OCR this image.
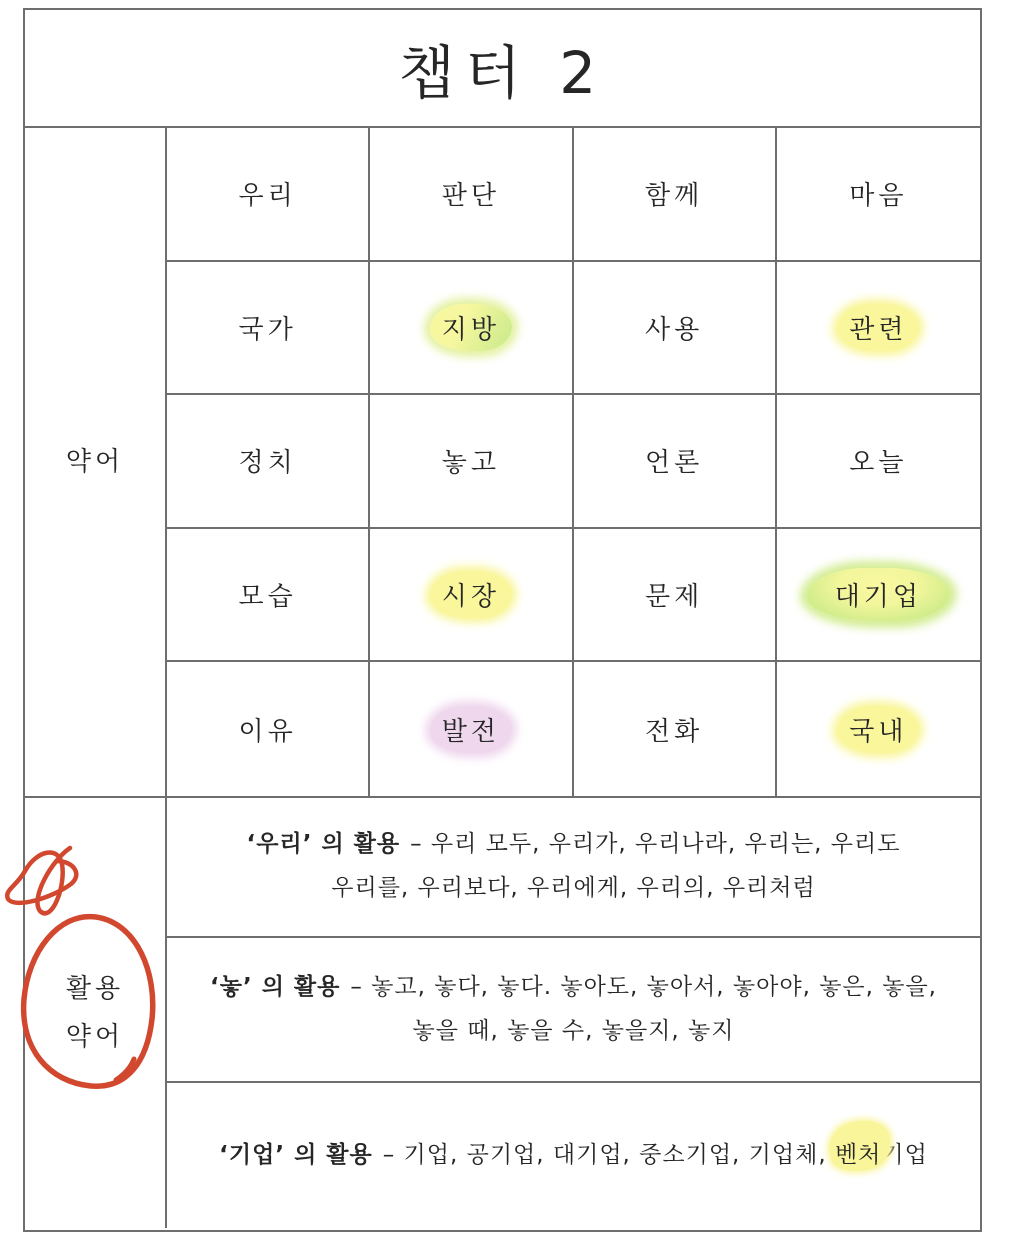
챕터 2
약어
우리	판단	함께	마음
국가	지방	사용	관련
정치	놓고	언론	오늘
모습	시장	문제	대기업
이유	발전	전화	국내
활용
약어

‘우리’ 의 활용 – 우리 모두, 우리가, 우리나라, 우리는, 우리도

우리를, 우리보다, 우리에게, 우리의, 우리처럼

‘놓’ 의 활용 – 놓고, 놓다, 놓다. 놓아도, 놓아서, 놓아야, 놓은, 놓을,

놓을 때, 놓을 수, 놓을지, 놓지

‘기업’ 의 활용 – 기업, 공기업, 대기업, 중소기업, 기업체, 벤처기업
